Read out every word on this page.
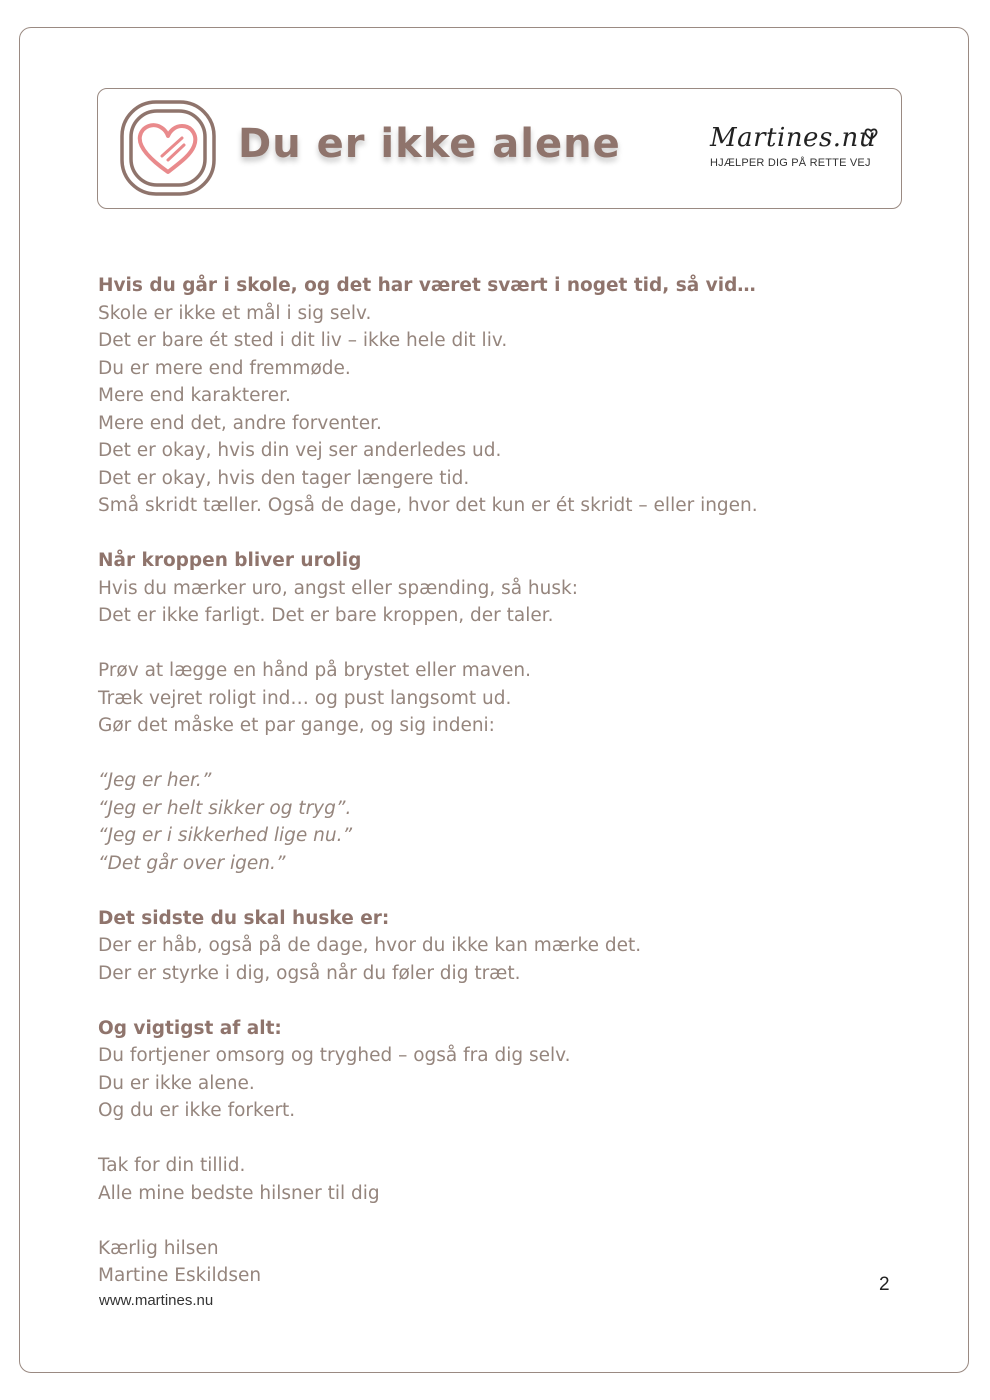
Du er ikke alene	Martines.nu
HJÆLPER DIG PÅ RETTE VEJ

Hvis du går i skole, og det har været svært i noget tid, så vid…

Skole er ikke et mål i sig selv.

Det er bare ét sted i dit liv – ikke hele dit liv.

Du er mere end fremmøde.

Mere end karakterer.

Mere end det, andre forventer.

Det er okay, hvis din vej ser anderledes ud.

Det er okay, hvis den tager længere tid.

Små skridt tæller. Også de dage, hvor det kun er ét skridt – eller ingen.

Når kroppen bliver urolig

Hvis du mærker uro, angst eller spænding, så husk:

Det er ikke farligt. Det er bare kroppen, der taler.

Prøv at lægge en hånd på brystet eller maven.

Træk vejret roligt ind… og pust langsomt ud.

Gør det måske et par gange, og sig indeni:

“Jeg er her.”

“Jeg er helt sikker og tryg”.

“Jeg er i sikkerhed lige nu.”

“Det går over igen.”

Det sidste du skal huske er:

Der er håb, også på de dage, hvor du ikke kan mærke det.

Der er styrke i dig, også når du føler dig træt.

Og vigtigst af alt:

Du fortjener omsorg og tryghed – også fra dig selv.

Du er ikke alene.

Og du er ikke forkert.

Tak for din tillid.

Alle mine bedste hilsner til dig

Kærlig hilsen

Martine Eskildsen

www.martines.nu
2
